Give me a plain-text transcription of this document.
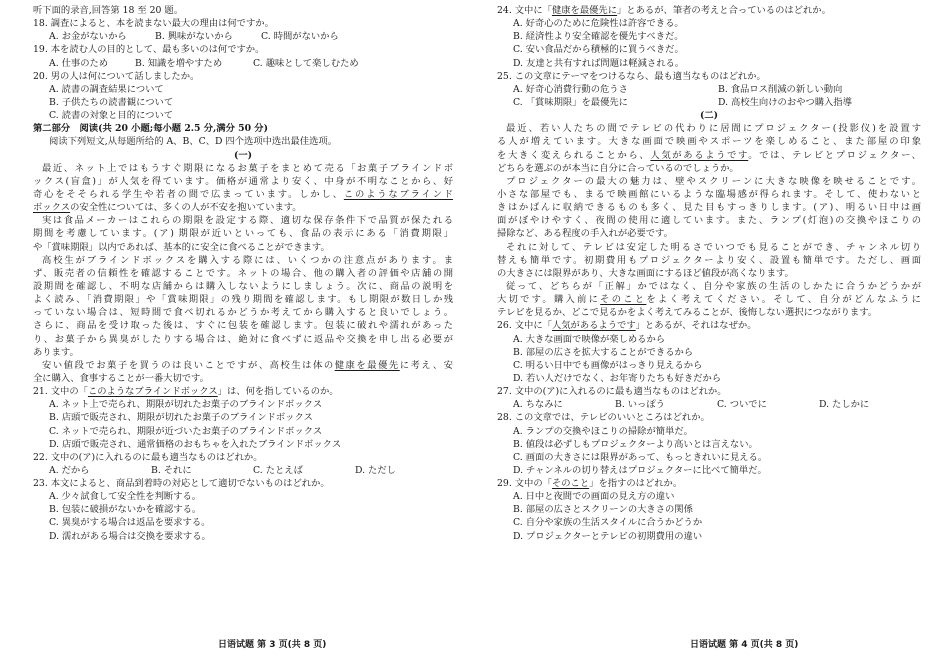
听下面的录音,回答第 18 至 20 题。
18. 調査によると、本を読まない最大の理由は何ですか。
A. お金がないから	B. 興味がないから	C. 時間がないから
19. 本を読む人の目的として、最も多いのは何ですか。
A. 仕事のため	B. 知識を増やすため	C. 趣味として楽しむため
20. 男の人は何について話しましたか。
A. 読書の調査結果について
B. 子供たちの読書観について
C. 読書の対象と目的について
第二部分　阅读(共 20 小题;每小题 2.5 分,满分 50 分)
阅读下列短文,从每题所给的 A、B、C、D 四个选项中选出最佳选项。
(一)
最近、ネット上ではもうすぐ期限になるお菓子をまとめて売る「お菓子ブラインドボ
ックス(盲盒)」が人気を得ています。価格が通常より安く、中身が不明なことから、好
奇心をそそられる学生や若者の間で広まっています。しかし、このようなブラインド
ボックスの安全性については、多くの人が不安を抱いています。
実は食品メーカーはこれらの期限を設定する際、適切な保存条件下で品質が保たれる
期間を考慮しています。(ア) 期限が近いといっても、食品の表示にある「消費期限」
や「賞味期限」以内であれば、基本的に安全に食べることができます。
高校生がブラインドボックスを購入する際には、いくつかの注意点があります。ま
ず、販売者の信頼性を確認することです。ネットの場合、他の購入者の評価や店舗の開
設期間を確認し、不明な店舗からは購入しないようにしましょう。次に、商品の説明を
よく読み、「消費期限」や「賞味期限」の残り期間を確認します。もし期限が数日しか残
っていない場合は、短時間で食べ切れるかどうか考えてから購入すると良いでしょう。
さらに、商品を受け取った後は、すぐに包装を確認します。包装に破れや濡れがあった
り、お菓子から異臭がしたりする場合は、絶対に食べずに返品や交換を申し出る必要が
あります。
安い値段でお菓子を買うのは良いことですが、高校生は体の健康を最優先に考え、安
全に購入、食事することが一番大切です。
21. 文中の「このようなブラインドボックス」は、何を指しているのか。
A. ネット上で売られ、期限が切れたお菓子のブラインドボックス
B. 店頭で販売され、期限が切れたお菓子のブラインドボックス
C. ネットで売られ、期限が近づいたお菓子のブラインドボックス
D. 店頭で販売され、通常価格のおもちゃを入れたブラインドボックス
22. 文中の(ア)に入れるのに最も適当なものはどれか。
A. だから	B. それに	C. たとえば	D. ただし
23. 本文によると、商品到着時の対応として適切でないものはどれか。
A. 少々試食して安全性を判断する。
B. 包装に破損がないかを確認する。
C. 異臭がする場合は返品を要求する。
D. 濡れがある場合は交換を要求する。
24. 文中に「健康を最優先に」とあるが、筆者の考えと合っているのはどれか。
A. 好奇心のために危険性は許容できる。
B. 経済性より安全確認を優先すべきだ。
C. 安い食品だから積極的に買うべきだ。
D. 友達と共有すれば問題は軽減される。
25. この文章にテーマをつけるなら、最も適当なものはどれか。
A. 好奇心消費行動の危うさ	B. 食品ロス削減の新しい動向
C. 「賞味期限」を最優先に	D. 高校生向けのおやつ購入指導
(二)
最近、若い人たちの間でテレビの代わりに居間にプロジェクター(投影仪)を設置す
る人が増えています。大きな画面で映画やスポーツを楽しめること、また部屋の印象
を大きく変えられることから、人気があるようです。では、テレビとプロジェクター、
どちらを選ぶのが本当に自分に合っているのでしょうか。
プロジェクターの最大の魅力は、壁やスクリーンに大きな映像を映せることです。
小さな部屋でも、まるで映画館にいるような臨場感が得られます。そして、使わないと
きはかばんに収納できるものも多く、見た目もすっきりします。(ア)、明るい日中は画
面がぼやけやすく、夜間の使用に適しています。また、ランプ(灯泡)の交換やほこりの
掃除など、ある程度の手入れが必要です。
それに対して、テレビは安定した明るさでいつでも見ることができ、チャンネル切り
替えも簡単です。初期費用もプロジェクターより安く、設置も簡単です。ただし、画面
の大きさには限界があり、大きな画面にするほど値段が高くなります。
従って、どちらが「正解」かではなく、自分や家族の生活のしかたに合うかどうかが
大切です。購入前にそのことをよく考えてください。そして、自分がどんなふうに
テレビを見るか、どこで見るかをよく考えてみることが、後悔しない選択につながります。
26. 文中に「人気があるようです」とあるが、それはなぜか。
A. 大きな画面で映像が楽しめるから
B. 部屋の広さを拡大することができるから
C. 明るい日中でも画像がはっきり見えるから
D. 若い人だけでなく、お年寄りたちも好きだから
27. 文中の(ア)に入れるのに最も適当なものはどれか。
A. ちなみに	B. いっぽう	C. ついでに	D. たしかに
28. この文章では、テレビのいいところはどれか。
A. ランプの交換やほこりの掃除が簡単だ。
B. 値段は必ずしもプロジェクターより高いとは言えない。
C. 画面の大きさには限界があって、もっときれいに見える。
D. チャンネルの切り替えはプロジェクターに比べて簡単だ。
29. 文中の「そのこと」を指すのはどれか。
A. 日中と夜間での画面の見え方の違い
B. 部屋の広さとスクリーンの大きさの関係
C. 自分や家族の生活スタイルに合うかどうか
D. プロジェクターとテレビの初期費用の違い
日语试题 第 3 页(共 8 页)	日语试题 第 4 页(共 8 页)
